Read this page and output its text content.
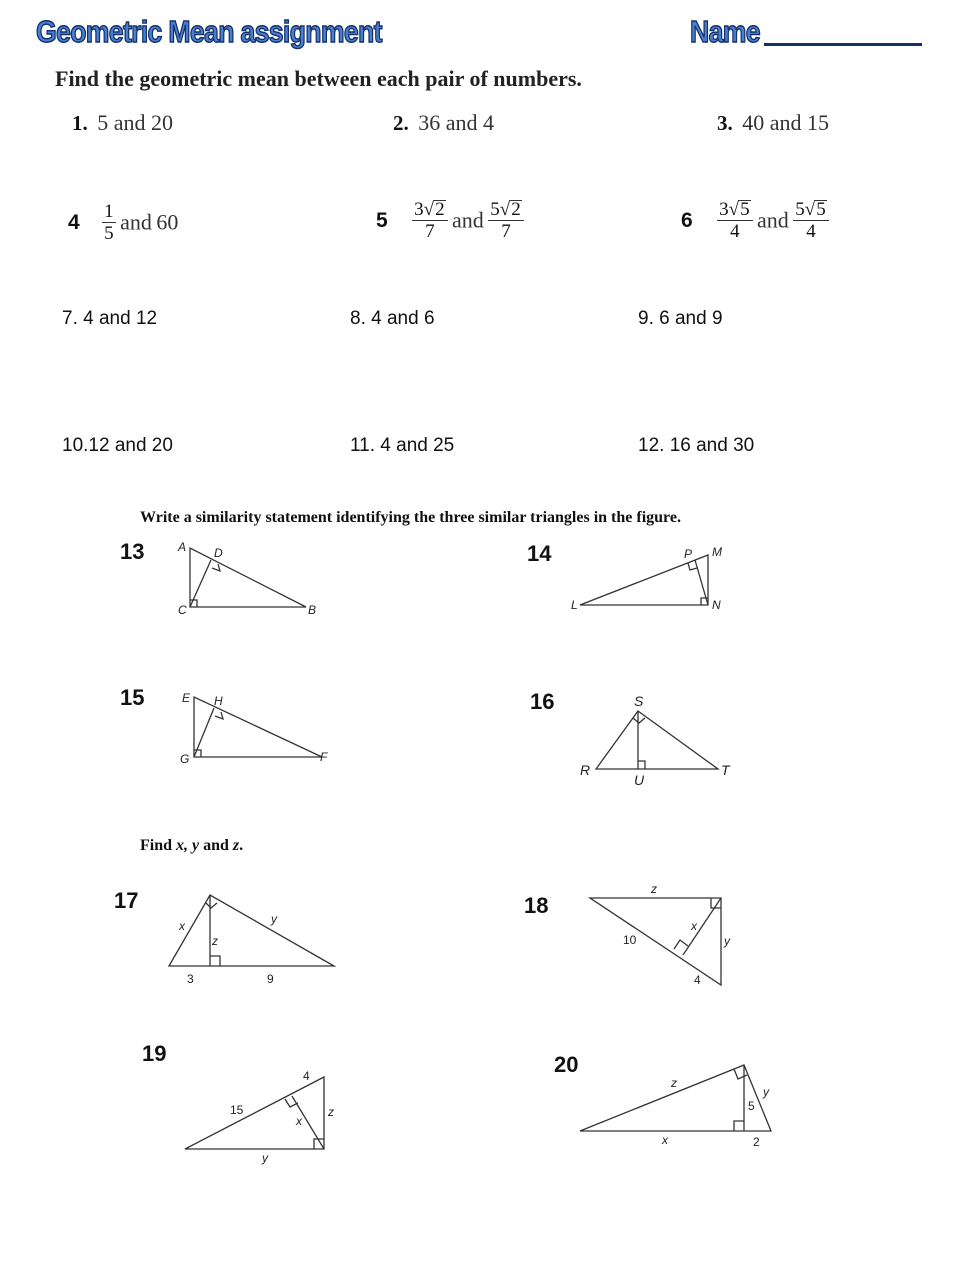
Geometric Mean assignment	Name
Find the geometric mean between each pair of numbers.
1. 5 and 20	2. 36 and 4	3. 40 and 15
$4 \frac{1}{5}$ and 60	$5 \frac{3√2}{7}$ and $\frac{5√2}{7}$	$6 \frac{3√5}{4}$ and $\frac{5√5}{4}$
7. 4 and 12	8. 4 and 6	9. 6 and 9
10.12 and 20	11. 4 and 25	12. 16 and 30
Write a similarity statement identifying the three similar triangles in the figure.
13	14
15	16
Find x, y and z.
17	18
19	20
A D
C	B
P M
L	N
E H
G	F
S
R	T
U
x	y
z
3	9
z
10
x
y
4
4
15
x
z
y
z
y
5
x	2
